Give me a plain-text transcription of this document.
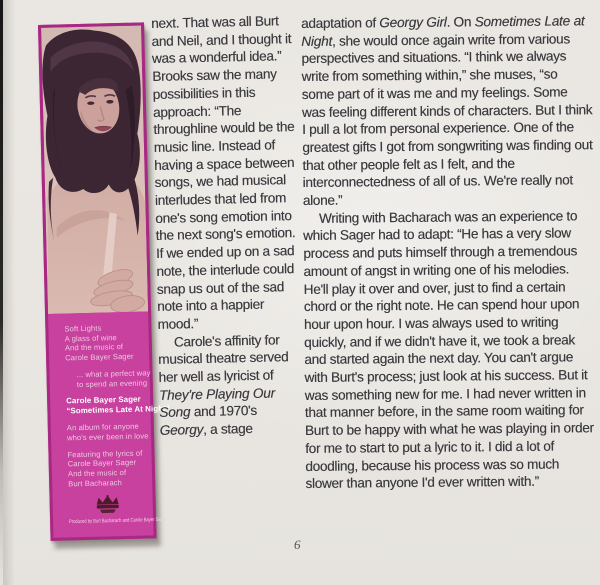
Soft Lights
A glass of wine
And the music of
Carole Bayer Sager
... what a perfect way
to spend an evening
Carole Bayer Sager
“Sometimes Late At Night”
An album for anyone
who's ever been in love
Featuring the lyrics of
Carole Bayer Sager
And the music of
Burt Bacharach
Produced by Burt Bacharach and Carole Bayer Sager

next. That was all Burt and Neil, and I thought it was a wonderful idea.” Brooks saw the many possibilities in this approach: “The throughline would be the music line. Instead of having a space between songs, we had musical interludes that led from one's song emotion into the next song's emotion. If we ended up on a sad note, the interlude could snap us out of the sad note into a happier mood.”

Carole's affinity for musical theatre served her well as lyricist of They're Playing Our Song and 1970's Georgy, a stage

adaptation of Georgy Girl. On Sometimes Late at Night, she would once again write from various perspectives and situations. “I think we always write from something within,” she muses, “so some part of it was me and my feelings. Some was feeling different kinds of characters. But I think I pull a lot from personal experience. One of the greatest gifts I got from songwriting was finding out that other people felt as I felt, and the interconnectedness of all of us. We're really not alone.”

Writing with Bacharach was an experience to which Sager had to adapt: “He has a very slow process and puts himself through a tremendous amount of angst in writing one of his melodies. He'll play it over and over, just to find a certain chord or the right note. He can spend hour upon hour upon hour. I was always used to writing quickly, and if we didn't have it, we took a break and started again the next day. You can't argue with Burt's process; just look at his success. But it was something new for me. I had never written in that manner before, in the same room waiting for Burt to be happy with what he was playing in order for me to start to put a lyric to it. I did a lot of doodling, because his process was so much slower than anyone I'd ever written with.”

6
